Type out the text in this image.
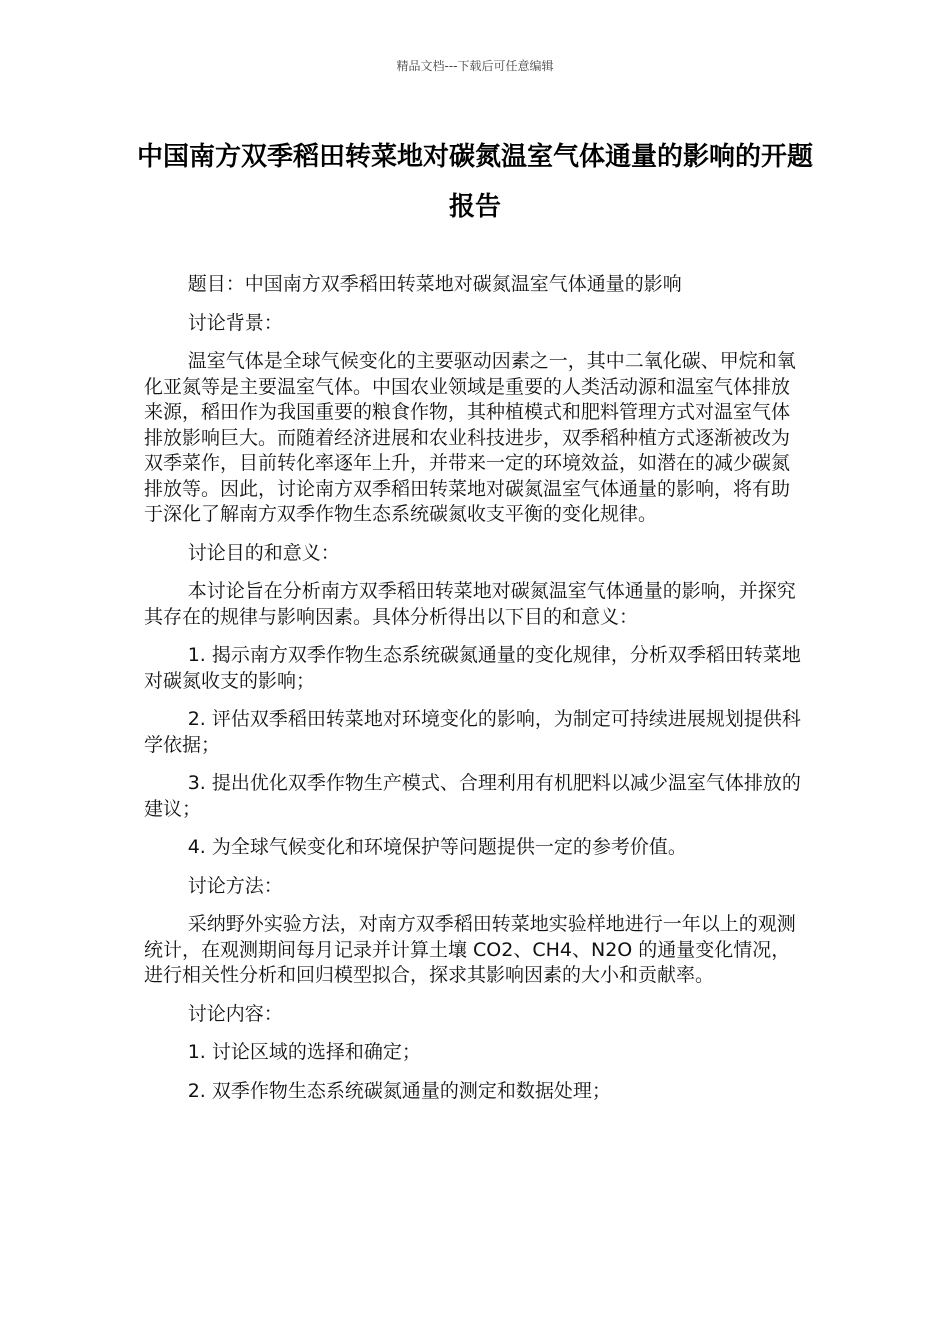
精品文档---下载后可任意编辑
中国南方双季稻田转菜地对碳氮温室气体通量的影响的开题报告

题目：中国南方双季稻田转菜地对碳氮温室气体通量的影响

讨论背景：

温室气体是全球气候变化的主要驱动因素之一，其中二氧化碳、甲烷和氧化亚氮等是主要温室气体。中国农业领域是重要的人类活动源和温室气体排放来源，稻田作为我国重要的粮食作物，其种植模式和肥料管理方式对温室气体排放影响巨大。而随着经济进展和农业科技进步，双季稻种植方式逐渐被改为双季菜作，目前转化率逐年上升，并带来一定的环境效益，如潜在的减少碳氮排放等。因此，讨论南方双季稻田转菜地对碳氮温室气体通量的影响，将有助于深化了解南方双季作物生态系统碳氮收支平衡的变化规律。

讨论目的和意义：

本讨论旨在分析南方双季稻田转菜地对碳氮温室气体通量的影响，并探究其存在的规律与影响因素。具体分析得出以下目的和意义：

1. 揭示南方双季作物生态系统碳氮通量的变化规律，分析双季稻田转菜地对碳氮收支的影响；

2. 评估双季稻田转菜地对环境变化的影响，为制定可持续进展规划提供科学依据；

3. 提出优化双季作物生产模式、合理利用有机肥料以减少温室气体排放的建议；

4. 为全球气候变化和环境保护等问题提供一定的参考价值。

讨论方法：

采纳野外实验方法，对南方双季稻田转菜地实验样地进行一年以上的观测统计，在观测期间每月记录并计算土壤 CO2、CH4、N2O 的通量变化情况，进行相关性分析和回归模型拟合，探求其影响因素的大小和贡献率。

讨论内容：

1. 讨论区域的选择和确定；

2. 双季作物生态系统碳氮通量的测定和数据处理；
